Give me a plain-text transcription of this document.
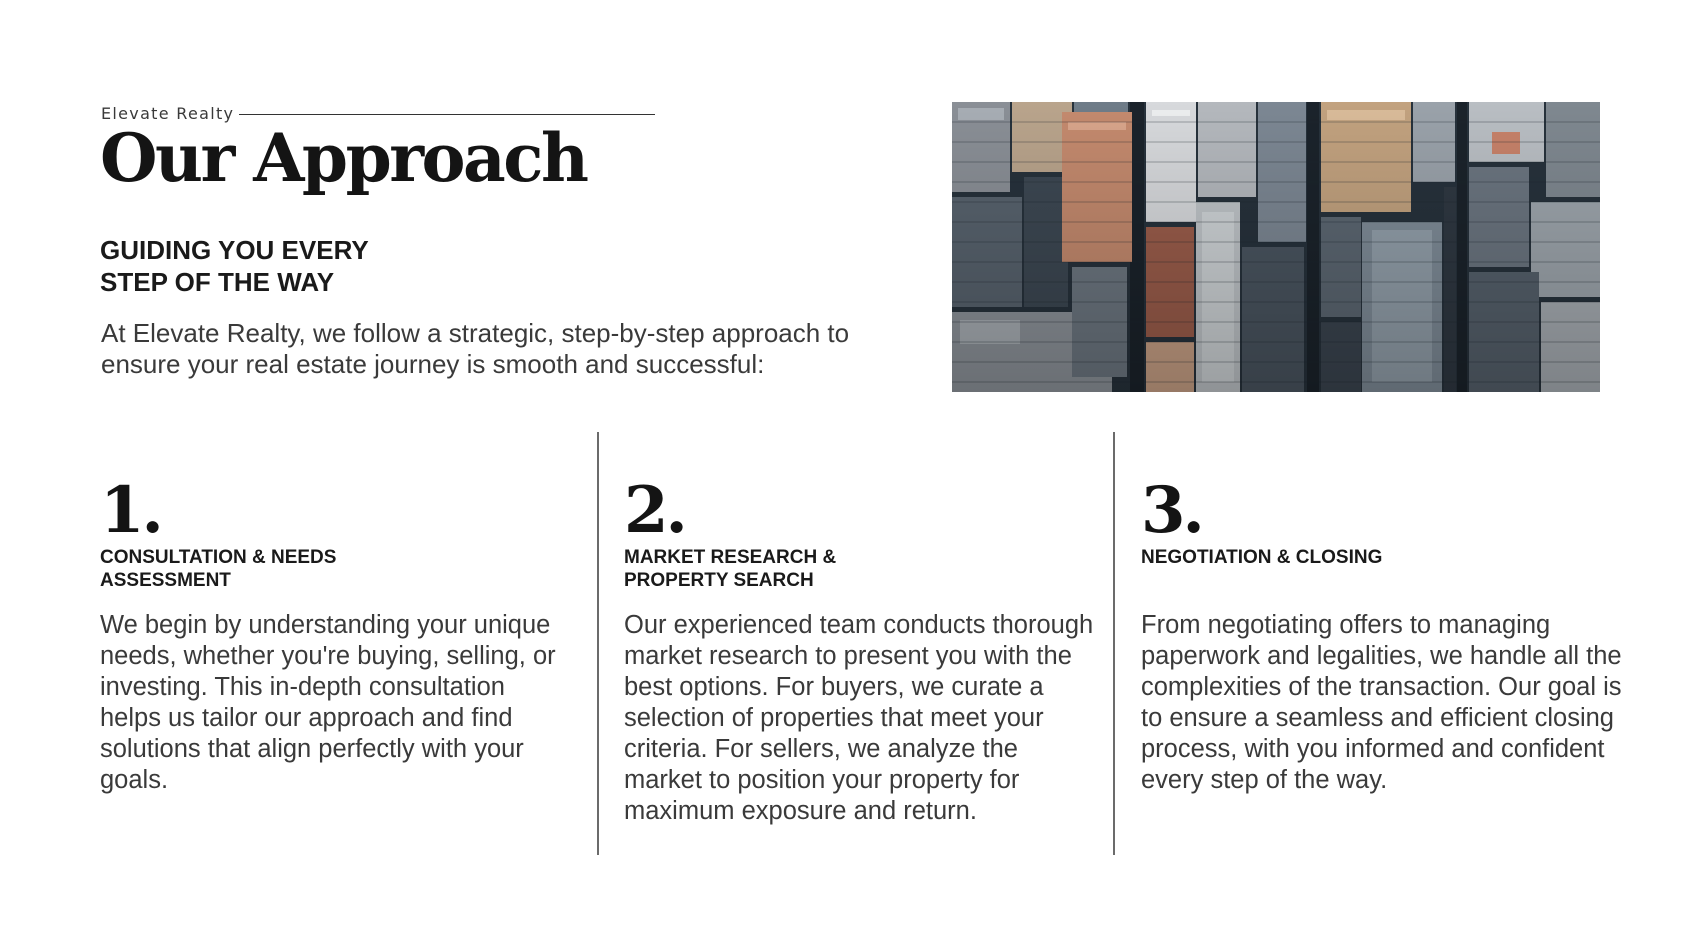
Elevate Realty
Our Approach
GUIDING YOU EVERY
STEP OF THE WAY

At Elevate Realty, we follow a strategic, step-by-step approach to ensure your real estate journey is smooth and successful:

1.

CONSULTATION & NEEDS
ASSESSMENT

We begin by understanding your unique needs, whether you're buying, selling, or investing. This in-depth consultation helps us tailor our approach and find solutions that align perfectly with your goals.

2.

MARKET RESEARCH &
PROPERTY SEARCH

Our experienced team conducts thorough market research to present you with the best options. For buyers, we curate a selection of properties that meet your criteria. For sellers, we analyze the market to position your property for maximum exposure and return.

3.

NEGOTIATION & CLOSING

From negotiating offers to managing paperwork and legalities, we handle all the complexities of the transaction. Our goal is to ensure a seamless and efficient closing process, with you informed and confident every step of the way.
